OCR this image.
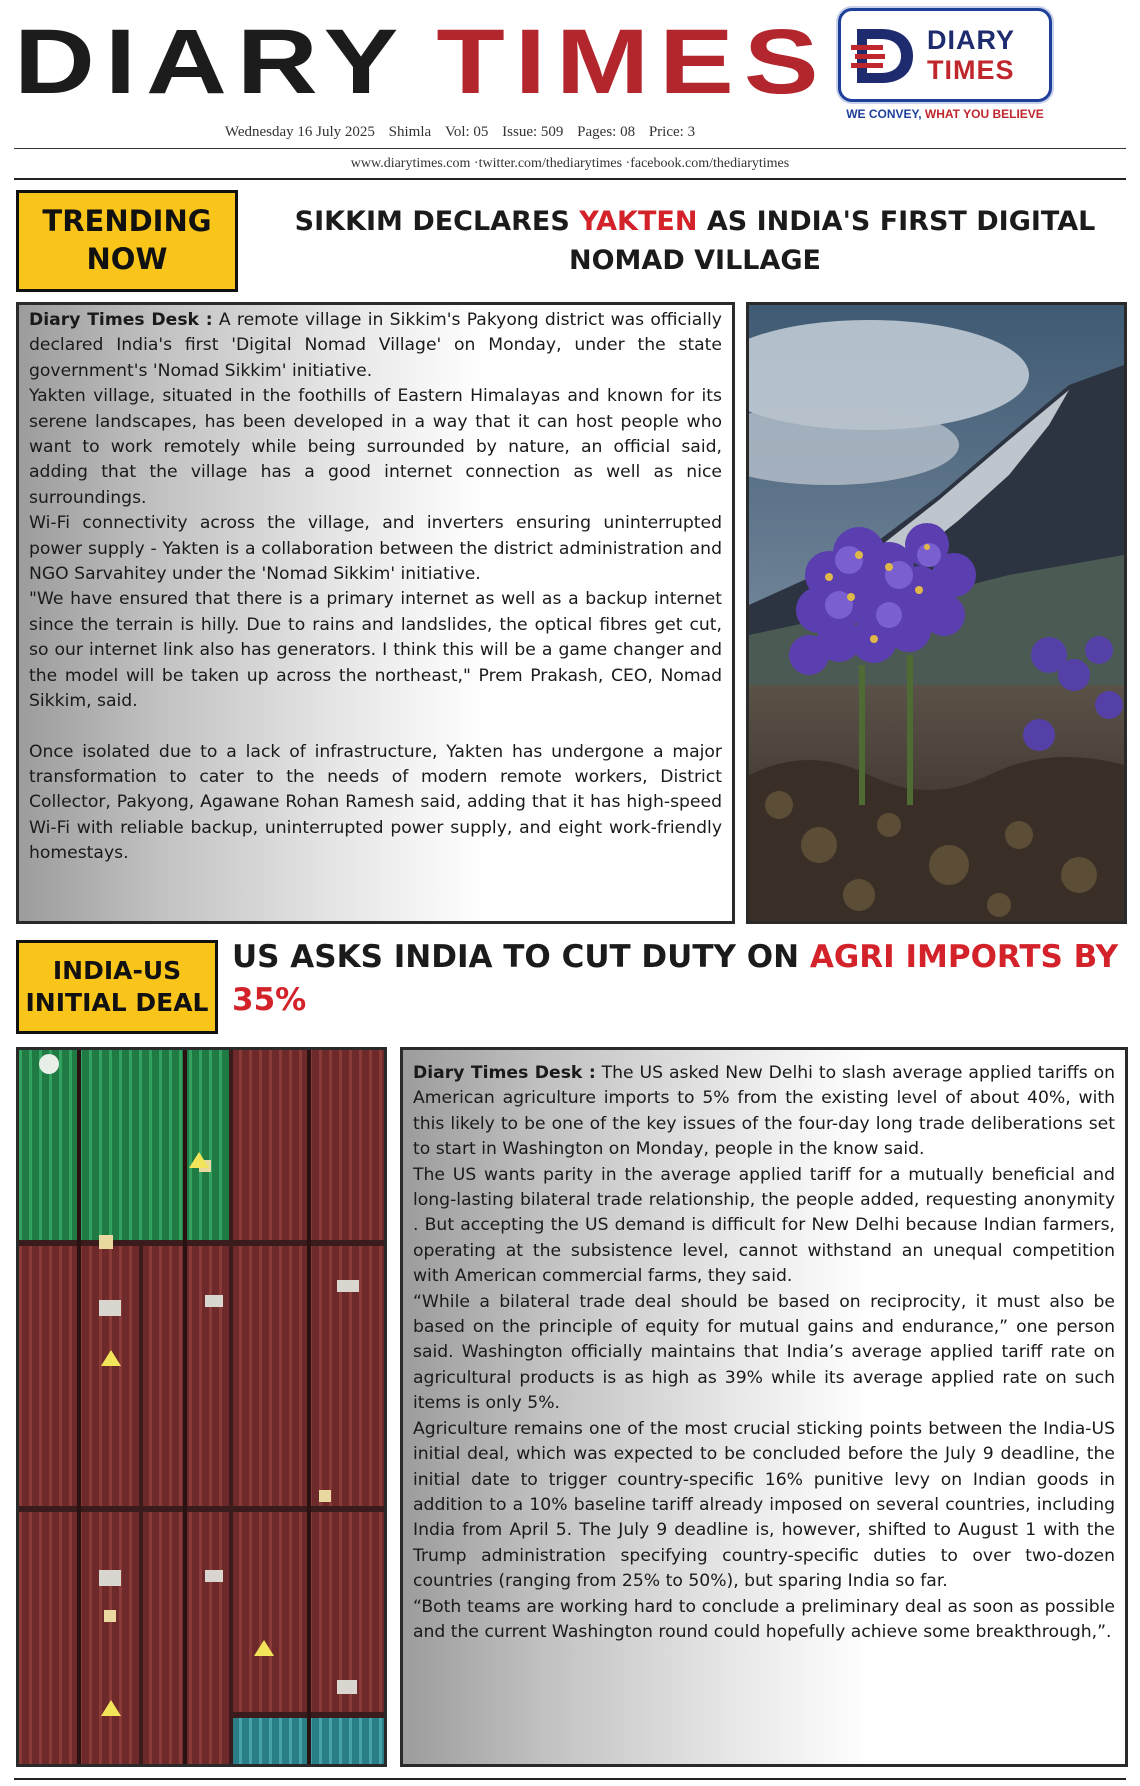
DIARY TIMES	DIARY
TIMES
WE CONVEY, WHAT YOU BELIEVE
Wednesday 16 July 2025 Shimla Vol: 05 Issue: 509 Pages: 08 Price: 3
www.diarytimes.com ·twitter.com/thediarytimes ·facebook.com/thediarytimes
TRENDING NOW
SIKKIM DECLARES YAKTEN AS INDIA'S FIRST DIGITAL NOMAD VILLAGE

Diary Times Desk : A remote village in Sikkim's Pakyong district was officially declared India's first 'Digital Nomad Village' on Monday, under the state government's 'Nomad Sikkim' initiative.

Yakten village, situated in the foothills of Eastern Himalayas and known for its serene landscapes, has been developed in a way that it can host people who want to work remotely while being surrounded by nature, an official said, adding that the village has a good internet connection as well as nice surroundings.

Wi-Fi connectivity across the village, and inverters ensuring uninterrupted power supply - Yakten is a collaboration between the district administration and NGO Sarvahitey under the 'Nomad Sikkim' initiative.

"We have ensured that there is a primary internet as well as a backup internet since the terrain is hilly. Due to rains and landslides, the optical fibres get cut, so our internet link also has generators. I think this will be a game changer and the model will be taken up across the northeast," Prem Prakash, CEO, Nomad Sikkim, said.

Once isolated due to a lack of infrastructure, Yakten has undergone a major transformation to cater to the needs of modern remote workers, District Collector, Pakyong, Agawane Rohan Ramesh said, adding that it has high-speed Wi-Fi with reliable backup, uninterrupted power supply, and eight work-friendly homestays.

INDIA-US INITIAL DEAL
US ASKS INDIA TO CUT DUTY ON AGRI IMPORTS BY 35%

Diary Times Desk : The US asked New Delhi to slash average applied tariffs on American agriculture imports to 5% from the existing level of about 40%, with this likely to be one of the key issues of the four-day long trade deliberations set to start in Washington on Monday, people in the know said.

The US wants parity in the average applied tariff for a mutually beneficial and long-lasting bilateral trade relationship, the people added, requesting anonymity . But accepting the US demand is difficult for New Delhi because Indian farmers, operating at the subsistence level, cannot withstand an unequal competition with American commercial farms, they said.

“While a bilateral trade deal should be based on reciprocity, it must also be based on the principle of equity for mutual gains and endurance,” one person said. Washington officially maintains that India’s average applied tariff rate on agricultural products is as high as 39% while its average applied rate on such items is only 5%.

Agriculture remains one of the most crucial sticking points between the India-US initial deal, which was expected to be concluded before the July 9 deadline, the initial date to trigger country-specific 16% punitive levy on Indian goods in addition to a 10% baseline tariff already imposed on several countries, including India from April 5. The July 9 deadline is, however, shifted to August 1 with the Trump administration specifying country-specific duties to over two-dozen countries (ranging from 25% to 50%), but sparing India so far.

“Both teams are working hard to conclude a preliminary deal as soon as possible and the current Washington round could hopefully achieve some breakthrough,”.
